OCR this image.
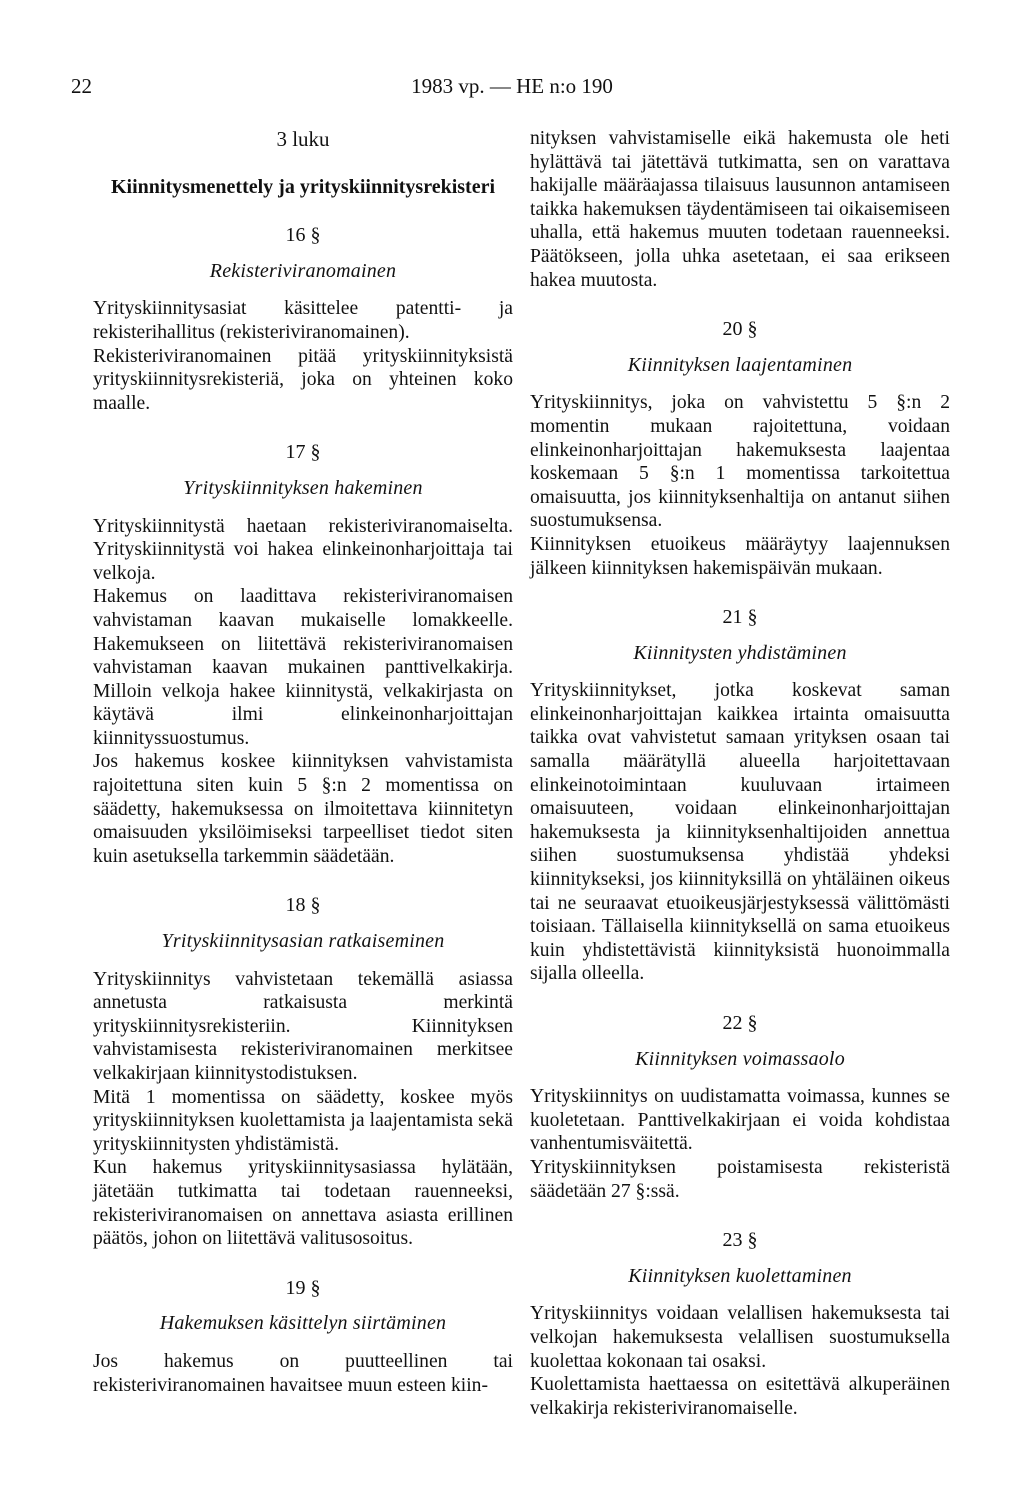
22	1983 vp. — HE n:o 190
3 luku
Kiinnitysmenettely ja yrityskiinnitysrekisteri
16 §
Rekisteriviranomainen

Yrityskiinnitysasiat käsittelee patentti- ja rekisterihallitus (rekisteriviranomainen).

Rekisteriviranomainen pitää yrityskiinnityksistä yrityskiinnitysrekisteriä, joka on yhteinen koko maalle.

17 §
Yrityskiinnityksen hakeminen

Yrityskiinnitystä haetaan rekisteriviranomaiselta. Yrityskiinnitystä voi hakea elinkeinonharjoittaja tai velkoja.

Hakemus on laadittava rekisteriviranomaisen vahvistaman kaavan mukaiselle lomakkeelle. Hakemukseen on liitettävä rekisteriviranomaisen vahvistaman kaavan mukainen panttivelkakirja. Milloin velkoja hakee kiinnitystä, velkakirjasta on käytävä ilmi elinkeinonharjoittajan kiinnityssuostumus.

Jos hakemus koskee kiinnityksen vahvistamista rajoitettuna siten kuin 5 §:n 2 momentissa on säädetty, hakemuksessa on ilmoitettava kiinnitetyn omaisuuden yksilöimiseksi tarpeelliset tiedot siten kuin asetuksella tarkemmin säädetään.

18 §
Yrityskiinnitysasian ratkaiseminen

Yrityskiinnitys vahvistetaan tekemällä asiassa annetusta ratkaisusta merkintä yrityskiinnitysrekisteriin. Kiinnityksen vahvistamisesta rekisteriviranomainen merkitsee velkakirjaan kiinnitystodistuksen.

Mitä 1 momentissa on säädetty, koskee myös yrityskiinnityksen kuolettamista ja laajentamista sekä yrityskiinnitysten yhdistämistä.

Kun hakemus yrityskiinnitysasiassa hylätään, jätetään tutkimatta tai todetaan rauenneeksi, rekisteriviranomaisen on annettava asiasta erillinen päätös, johon on liitettävä valitusosoitus.

19 §
Hakemuksen käsittelyn siirtäminen

Jos hakemus on puutteellinen tai rekisteriviranomainen havaitsee muun esteen kiin-

nityksen vahvistamiselle eikä hakemusta ole heti hylättävä tai jätettävä tutkimatta, sen on varattava hakijalle määräajassa tilaisuus lausunnon antamiseen taikka hakemuksen täydentämiseen tai oikaisemiseen uhalla, että hakemus muuten todetaan rauenneeksi. Päätökseen, jolla uhka asetetaan, ei saa erikseen hakea muutosta.

20 §
Kiinnityksen laajentaminen

Yrityskiinnitys, joka on vahvistettu 5 §:n 2 momentin mukaan rajoitettuna, voidaan elinkeinonharjoittajan hakemuksesta laajentaa koskemaan 5 §:n 1 momentissa tarkoitettua omaisuutta, jos kiinnityksenhaltija on antanut siihen suostumuksensa.

Kiinnityksen etuoikeus määräytyy laajennuksen jälkeen kiinnityksen hakemispäivän mukaan.

21 §
Kiinnitysten yhdistäminen

Yrityskiinnitykset, jotka koskevat saman elinkeinonharjoittajan kaikkea irtainta omaisuutta taikka ovat vahvistetut samaan yrityksen osaan tai samalla määrätyllä alueella harjoitettavaan elinkeinotoimintaan kuuluvaan irtaimeen omaisuuteen, voidaan elinkeinonharjoittajan hakemuksesta ja kiinnityksenhaltijoiden annettua siihen suostumuksensa yhdistää yhdeksi kiinnitykseksi, jos kiinnityksillä on yhtäläinen oikeus tai ne seuraavat etuoikeusjärjestyksessä välittömästi toisiaan. Tällaisella kiinnityksellä on sama etuoikeus kuin yhdistettävistä kiinnityksistä huonoimmalla sijalla olleella.

22 §
Kiinnityksen voimassaolo

Yrityskiinnitys on uudistamatta voimassa, kunnes se kuoletetaan. Panttivelkakirjaan ei voida kohdistaa vanhentumisväitettä.

Yrityskiinnityksen poistamisesta rekisteristä säädetään 27 §:ssä.

23 §
Kiinnityksen kuolettaminen

Yrityskiinnitys voidaan velallisen hakemuksesta tai velkojan hakemuksesta velallisen suostumuksella kuolettaa kokonaan tai osaksi.

Kuolettamista haettaessa on esitettävä alkuperäinen velkakirja rekisteriviranomaiselle.
